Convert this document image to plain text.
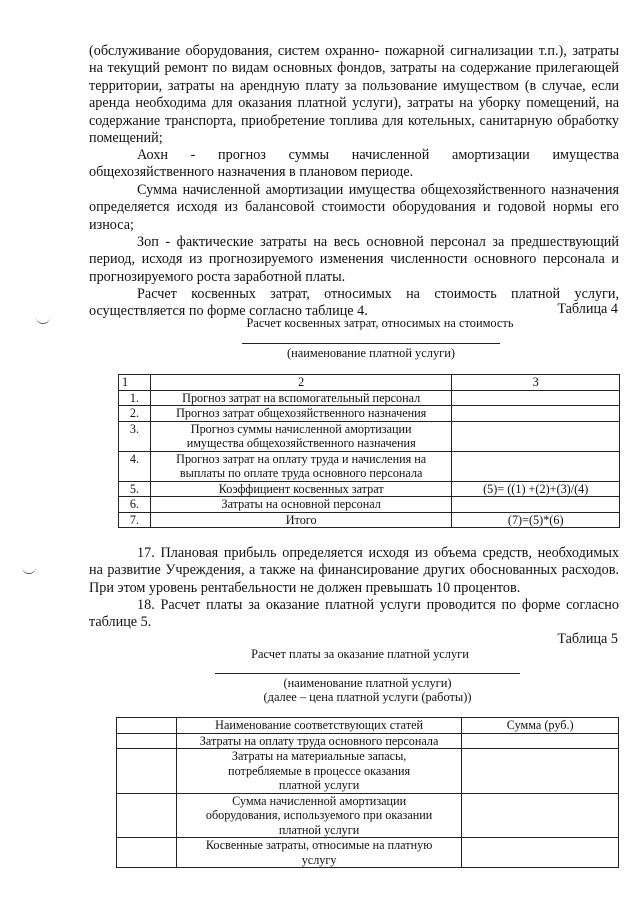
(обслуживание оборудования, систем охранно- пожарной сигнализации т.п.), затраты
на текущий ремонт по видам основных фондов, затраты на содержание прилегающей
территории, затраты на арендную плату за пользование имуществом (в случае, если
аренда необходима для оказания платной услуги), затраты на уборку помещений, на
содержание транспорта, приобретение топлива для котельных, санитарную обработку
помещений;
Аохн - прогноз суммы начисленной амортизации имущества
общехозяйственного назначения в плановом периоде.
Сумма начисленной амортизации имущества общехозяйственного назначения
определяется исходя из балансовой стоимости оборудования и годовой нормы его
износа;
Зоп - фактические затраты на весь основной персонал за предшествующий
период, исходя из прогнозируемого изменения численности основного персонала и
прогнозируемого роста заработной платы.
Расчет косвенных затрат, относимых на стоимость платной услуги,
осуществляется по форме согласно таблице 4.	Таблица 4
Расчет косвенных затрат, относимых на стоимость
(наименование платной услуги)
1	2	3
1.	Прогноз затрат на вспомогательный персонал	
2.	Прогноз затрат общехозяйственного назначения	
3.	Прогноз суммы начисленной амортизации имущества общехозяйственного назначения	
4.	Прогноз затрат на оплату труда и начисления на выплаты по оплате труда основного персонала	
5.	Коэффициент косвенных затрат	(5)= ((1) +(2)+(3)/(4)
6.	Затраты на основной персонал	
7.	Итого	(7)=(5)*(6)
17. Плановая прибыль определяется исходя из объема средств, необходимых
на развитие Учреждения, а также на финансирование других обоснованных расходов.
При этом уровень рентабельности не должен превышать 10 процентов.
18. Расчет платы за оказание платной услуги проводится по форме согласно
таблице 5.
Таблица 5
Расчет платы за оказание платной услуги
(наименование платной услуги)
(далее – цена платной услуги (работы))
	Наименование соответствующих статей	Сумма (руб.)
	Затраты на оплату труда основного персонала	
	Затраты на материальные запасы, потребляемые в процессе оказания платной услуги	
	Сумма начисленной амортизации оборудования, используемого при оказании платной услуги	
	Косвенные затраты, относимые на платную услугу	
